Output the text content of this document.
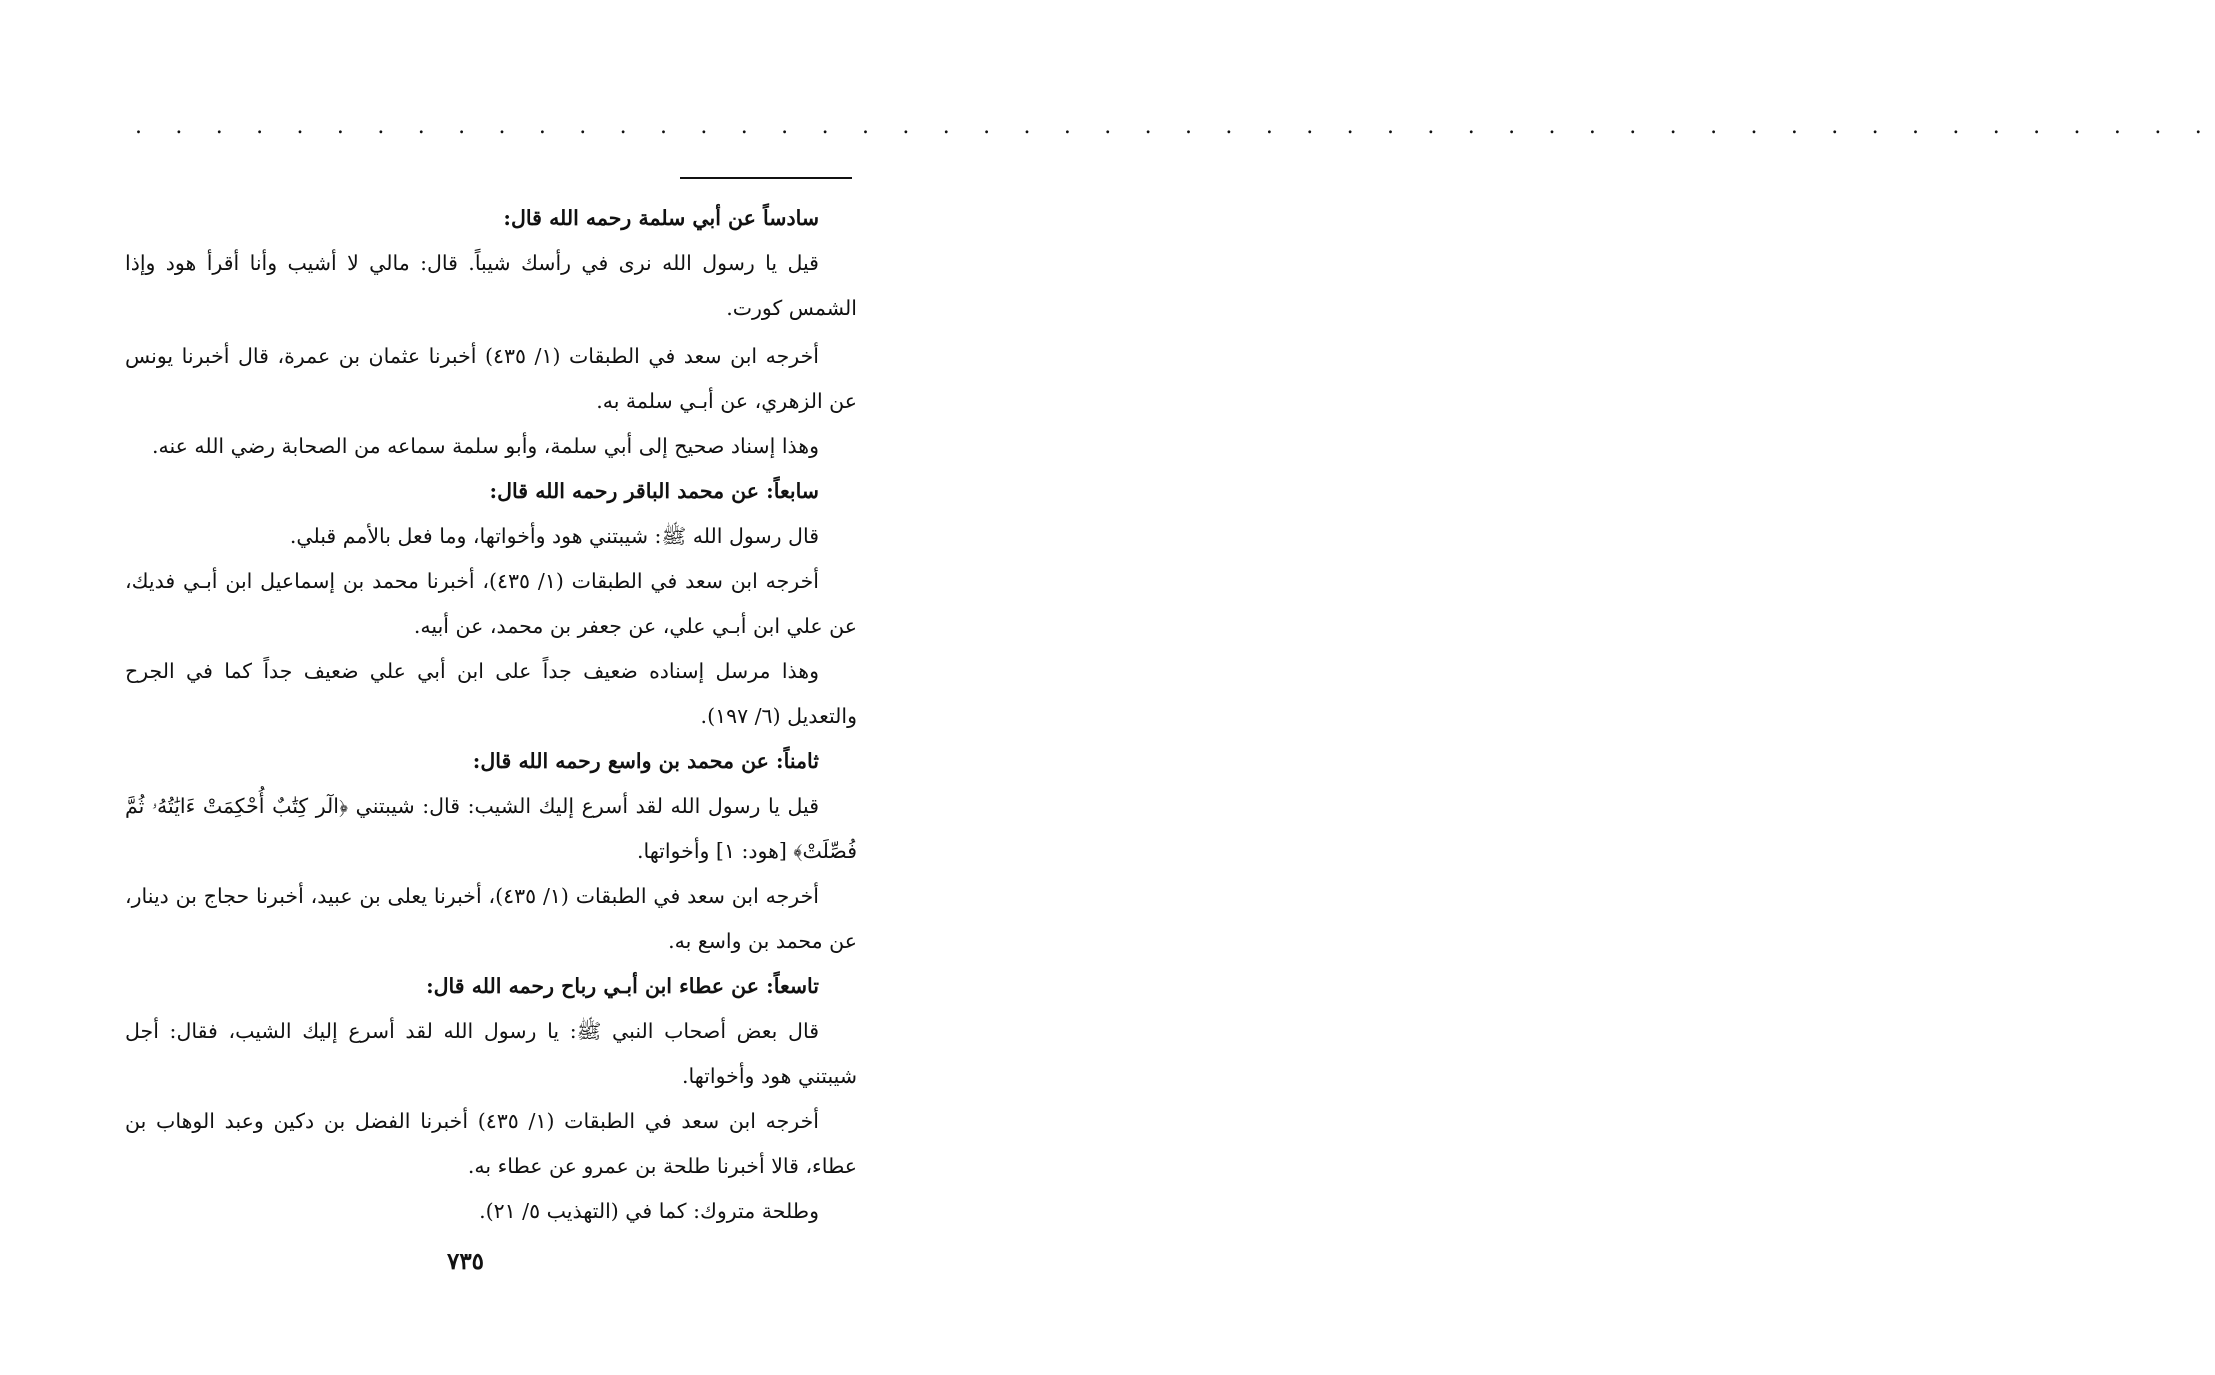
. . . . . . . . . . . . . . . . . . . . . . . . . . . . . . . . . . . . . . . . . . . . . . . . . . . .

سادساً عن أبي سلمة رحمه الله قال:

قيل يا رسول الله نرى في رأسك شيباً. قال: مالي لا أشيب وأنا أقرأ هود وإذا الشمس كورت.

أخرجه ابن سعد في الطبقات (١/ ٤٣٥) أخبرنا عثمان بن عمرة، قال أخبرنا يونس عن الزهري، عن أبـي سلمة به.

وهذا إسناد صحيح إلى أبي سلمة، وأبو سلمة سماعه من الصحابة رضي الله عنه.

سابعاً: عن محمد الباقر رحمه الله قال:

قال رسول الله ﷺ: شيبتني هود وأخواتها، وما فعل بالأمم قبلي.

أخرجه ابن سعد في الطبقات (١/ ٤٣٥)، أخبرنا محمد بن إسماعيل ابن أبـي فديك، عن علي ابن أبـي علي، عن جعفر بن محمد، عن أبيه.

وهذا مرسل إسناده ضعيف جداً على ابن أبي علي ضعيف جداً كما في الجرح والتعديل (٦/ ١٩٧).

ثامناً: عن محمد بن واسع رحمه الله قال:

قيل يا رسول الله لقد أسرع إليك الشيب: قال: شيبتني ﴿الٓر كِتَٰبٌ أُحْكِمَتْ ءَايَٰتُهُۥ ثُمَّ فُصِّلَتْ﴾ [هود: ١] وأخواتها.

أخرجه ابن سعد في الطبقات (١/ ٤٣٥)، أخبرنا يعلى بن عبيد، أخبرنا حجاج بن دينار، عن محمد بن واسع به.

تاسعاً: عن عطاء ابن أبـي رباح رحمه الله قال:

قال بعض أصحاب النبي ﷺ: يا رسول الله لقد أسرع إليك الشيب، فقال: أجل شيبتني هود وأخواتها.

أخرجه ابن سعد في الطبقات (١/ ٤٣٥) أخبرنا الفضل بن دكين وعبد الوهاب بن عطاء، قالا أخبرنا طلحة بن عمرو عن عطاء به.

وطلحة متروك: كما في (التهذيب ٥/ ٢١).

٧٣٥
